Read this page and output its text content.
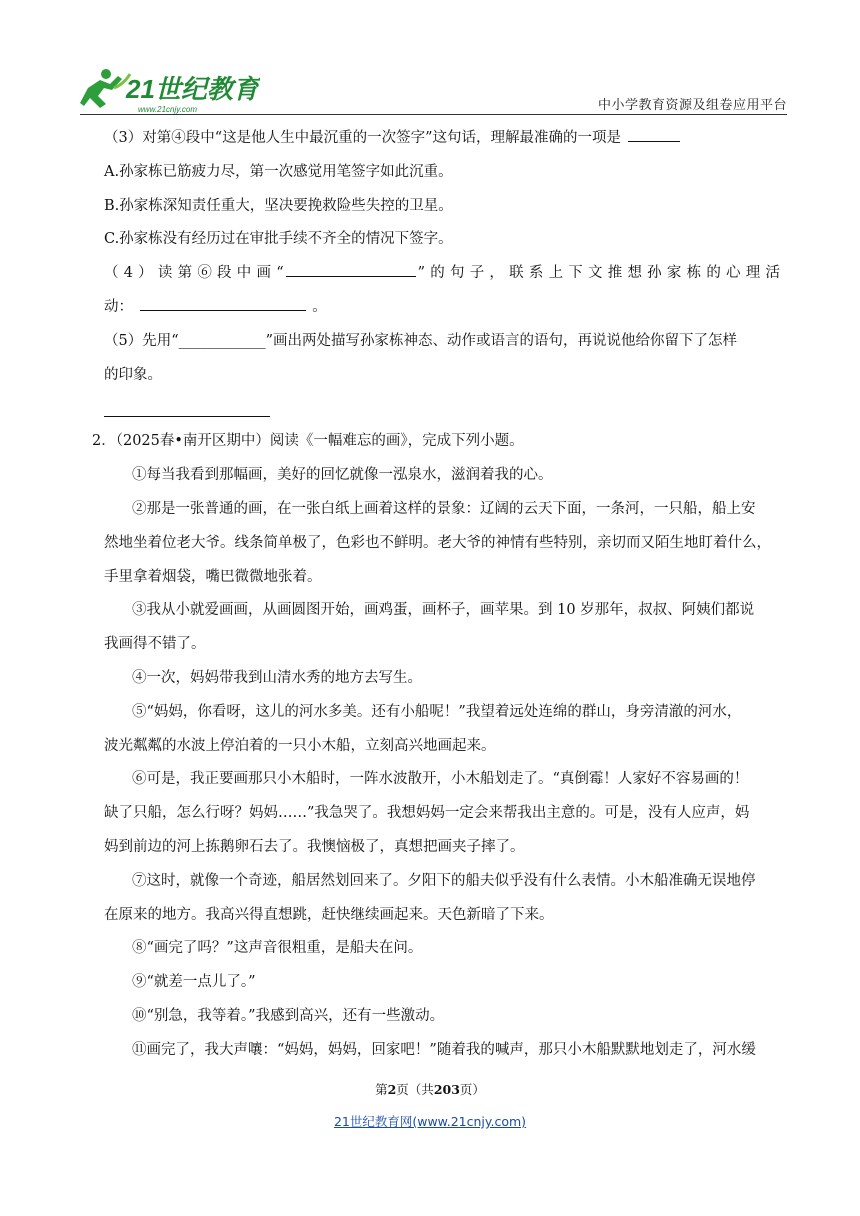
21世纪教育
www.21cnjy.com	中小学教育资源及组卷应用平台
（3）对第④段中“这是他人生中最沉重的一次签字”这句话，理解最准确的一项是
A.孙家栋已筋疲力尽，第一次感觉用笔签字如此沉重。
B.孙家栋深知责任重大，坚决要挽救险些失控的卫星。
C.孙家栋没有经历过在审批手续不齐全的情况下签字。
（4）读第⑥段中画“	”的句子，联系上下文推想孙家栋的心理活
动：	。
（5）先用“____________”画出两处描写孙家栋神态、动作或语言的语句，再说说他给你留下了怎样
的印象。
2．（2025春•南开区期中）阅读《一幅难忘的画》，完成下列小题。
①每当我看到那幅画，美好的回忆就像一泓泉水，滋润着我的心。
②那是一张普通的画，在一张白纸上画着这样的景象：辽阔的云天下面，一条河，一只船，船上安
然地坐着位老大爷。线条简单极了，色彩也不鲜明。老大爷的神情有些特别，亲切而又陌生地盯着什么，
手里拿着烟袋，嘴巴微微地张着。
③我从小就爱画画，从画圆图开始，画鸡蛋，画杯子，画苹果。到 10 岁那年，叔叔、阿姨们都说
我画得不错了。
④一次，妈妈带我到山清水秀的地方去写生。
⑤“妈妈，你看呀，这儿的河水多美。还有小船呢！”我望着远处连绵的群山，身旁清澈的河水，
波光粼粼的水波上停泊着的一只小木船，立刻高兴地画起来。
⑥可是，我正要画那只小木船时，一阵水波散开，小木船划走了。“真倒霉！人家好不容易画的！
缺了只船，怎么行呀？妈妈……”我急哭了。我想妈妈一定会来帮我出主意的。可是，没有人应声，妈
妈到前边的河上拣鹅卵石去了。我懊恼极了，真想把画夹子摔了。
⑦这时，就像一个奇迹，船居然划回来了。夕阳下的船夫似乎没有什么表情。小木船准确无误地停
在原来的地方。我高兴得直想跳，赶快继续画起来。天色新暗了下来。
⑧“画完了吗？”这声音很粗重，是船夫在问。
⑨“就差一点儿了。”
⑩“别急，我等着。”我感到高兴，还有一些激动。
⑪画完了，我大声嚷：“妈妈，妈妈，回家吧！”随着我的喊声，那只小木船默默地划走了，河水缓
第2页（共203页）
21世纪教育网(www.21cnjy.com)
